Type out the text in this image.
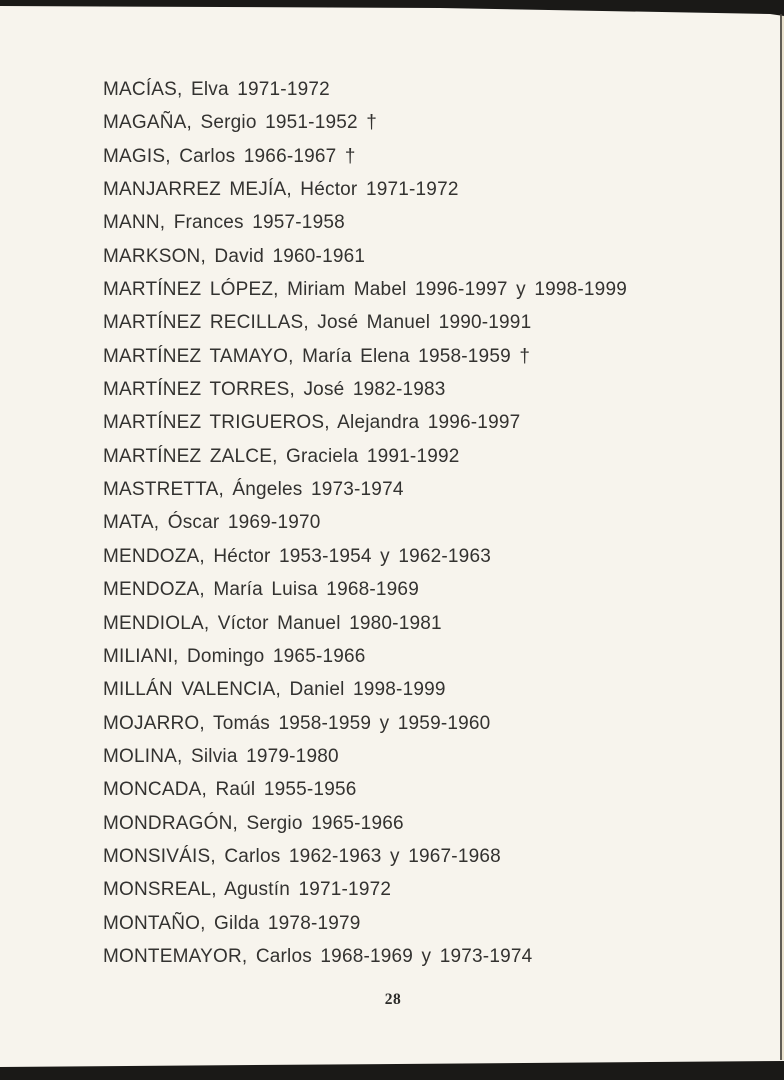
MACÍAS, Elva 1971-1972
MAGAÑA, Sergio 1951-1952 †
MAGIS, Carlos 1966-1967 †
MANJARREZ MEJÍA, Héctor 1971-1972
MANN, Frances 1957-1958
MARKSON, David 1960-1961
MARTÍNEZ LÓPEZ, Miriam Mabel 1996-1997 y 1998-1999
MARTÍNEZ RECILLAS, José Manuel 1990-1991
MARTÍNEZ TAMAYO, María Elena 1958-1959 †
MARTÍNEZ TORRES, José 1982-1983
MARTÍNEZ TRIGUEROS, Alejandra 1996-1997
MARTÍNEZ ZALCE, Graciela 1991-1992
MASTRETTA, Ángeles 1973-1974
MATA, Óscar 1969-1970
MENDOZA, Héctor 1953-1954 y 1962-1963
MENDOZA, María Luisa 1968-1969
MENDIOLA, Víctor Manuel 1980-1981
MILIANI, Domingo 1965-1966
MILLÁN VALENCIA, Daniel 1998-1999
MOJARRO, Tomás 1958-1959 y 1959-1960
MOLINA, Silvia 1979-1980
MONCADA, Raúl 1955-1956
MONDRAGÓN, Sergio 1965-1966
MONSIVÁIS, Carlos 1962-1963 y 1967-1968
MONSREAL, Agustín 1971-1972
MONTAÑO, Gilda 1978-1979
MONTEMAYOR, Carlos 1968-1969 y 1973-1974
28
